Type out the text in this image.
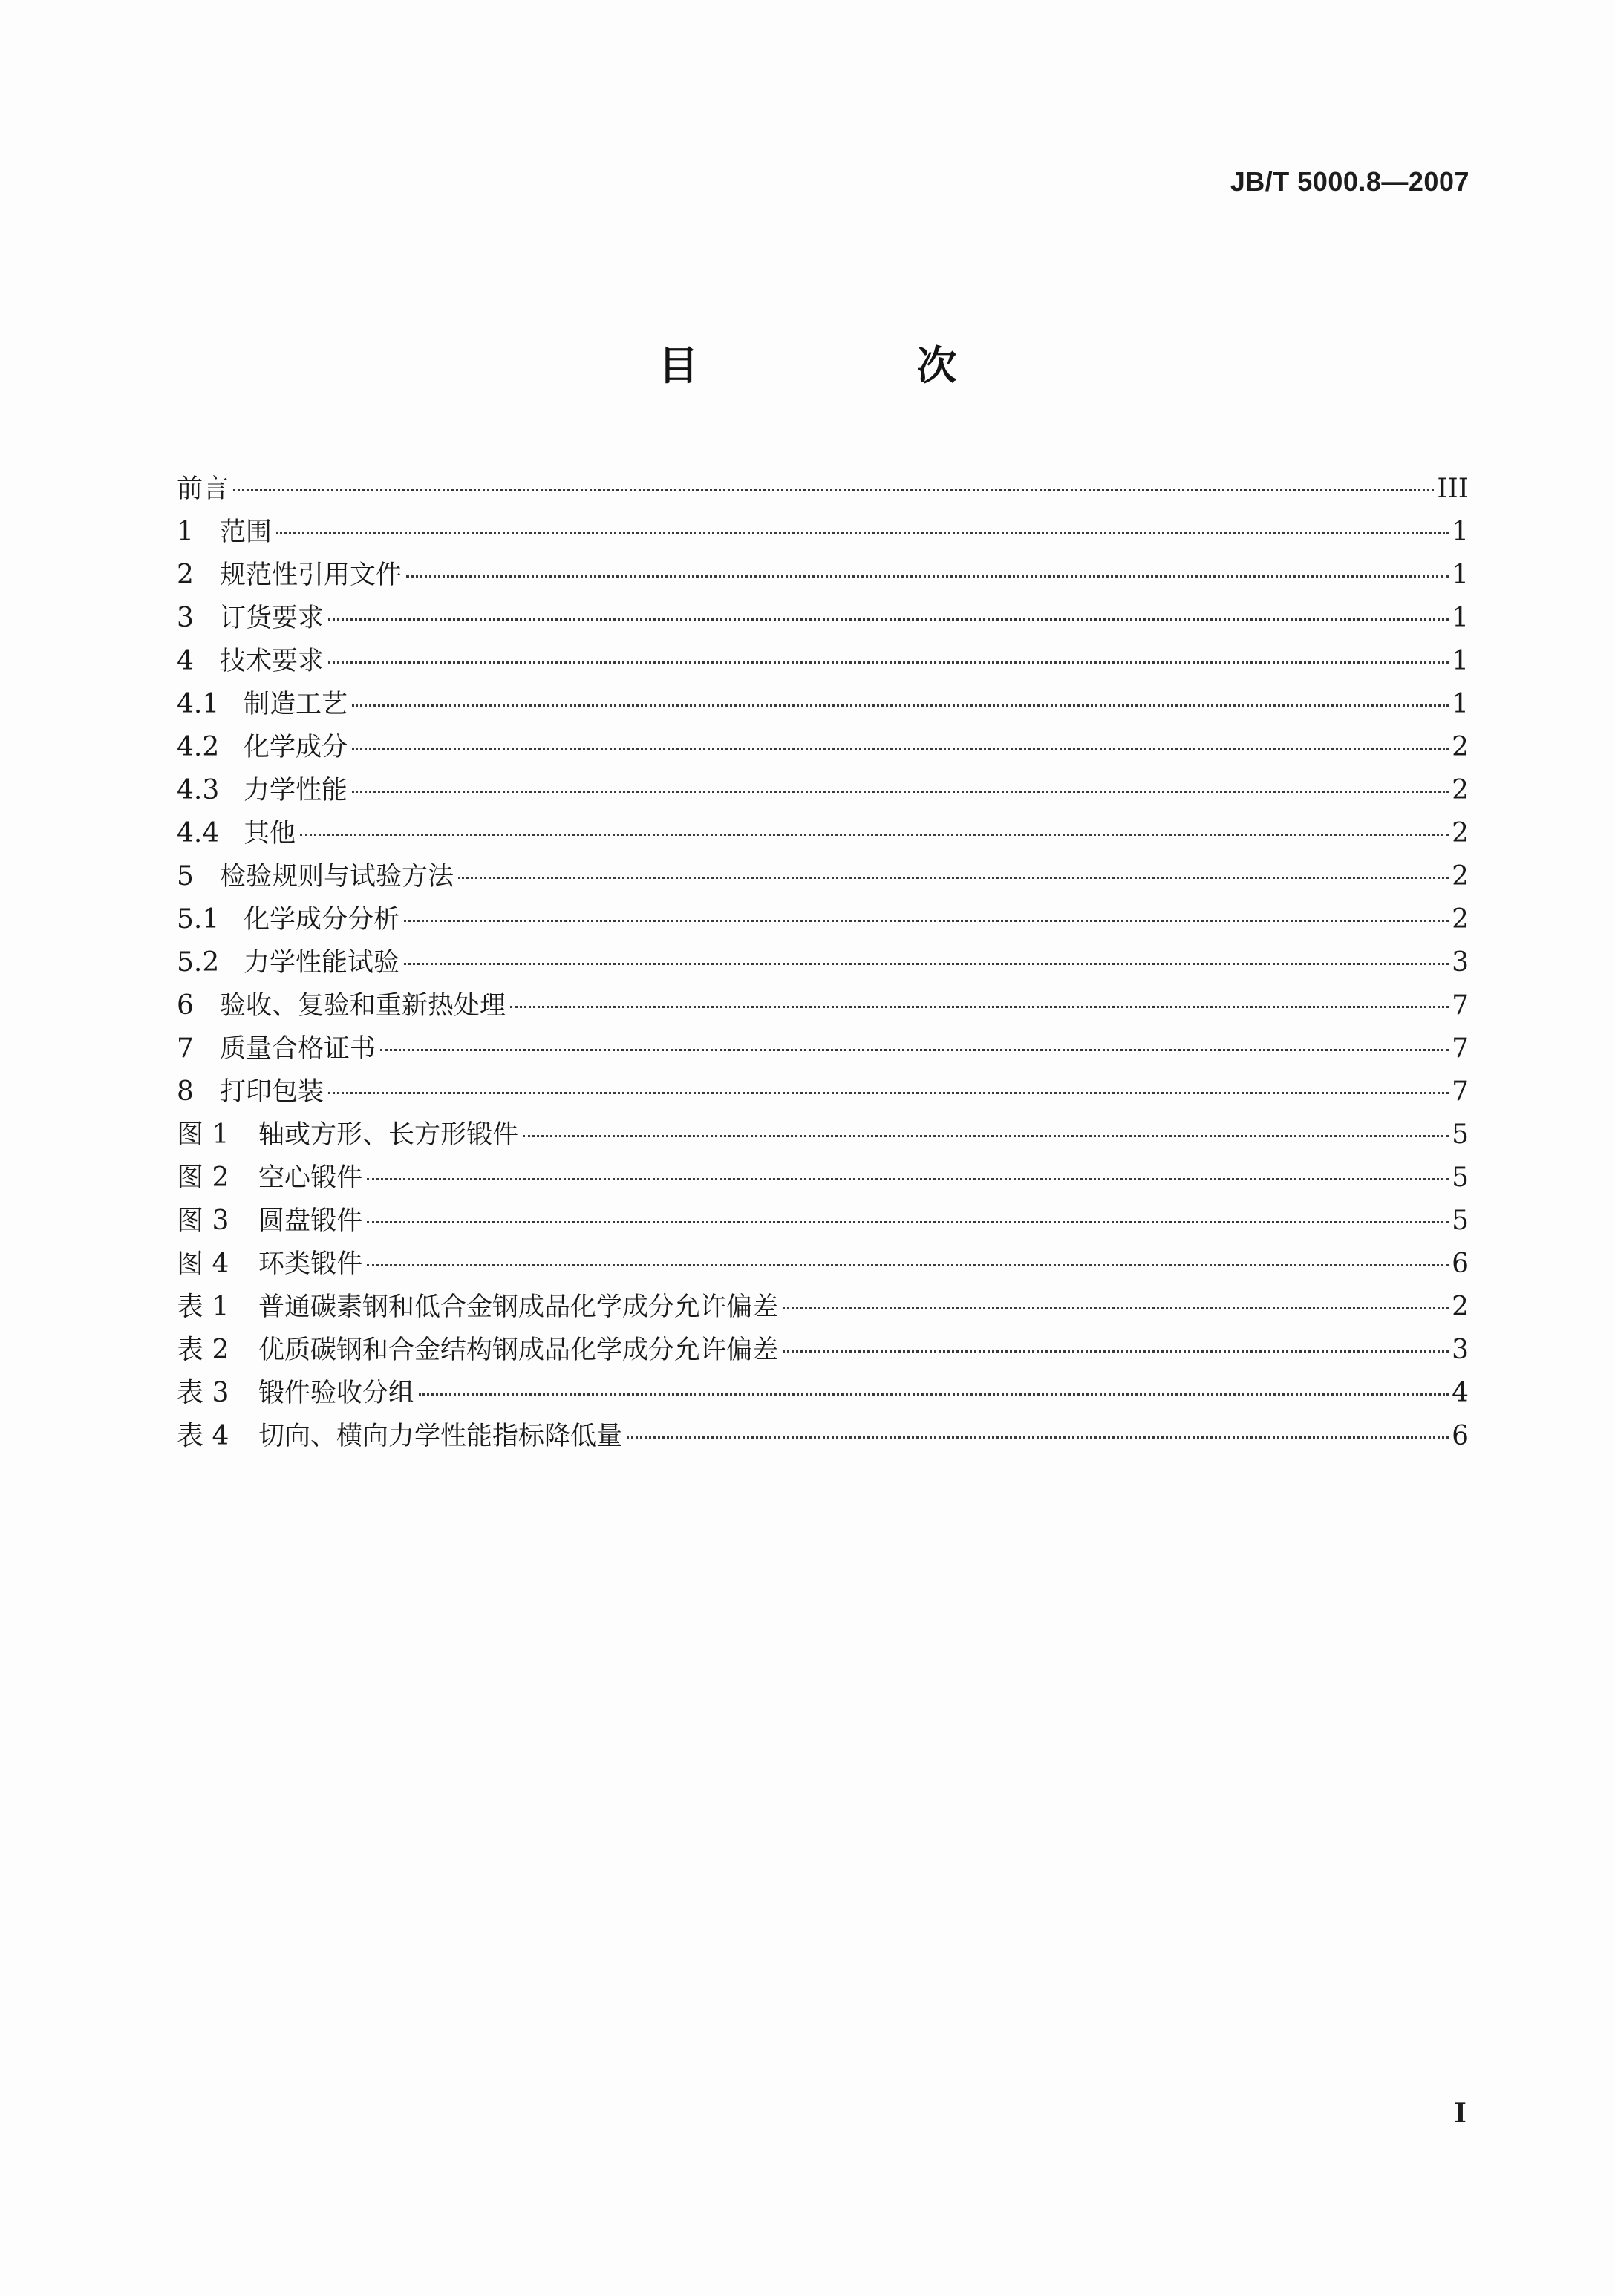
JB/T 5000.8—2007
目　次
前言	III
1	范围	1
2	规范性引用文件	1
3	订货要求	1
4	技术要求	1
4.1 制造工艺	1
4.2 化学成分	2
4.3 力学性能	2
4.4 其他	2
5	检验规则与试验方法	2
5.1 化学成分分析	2
5.2 力学性能试验	3
6	验收、复验和重新热处理	7
7	质量合格证书	7
8	打印包装	7
图 1	轴或方形、长方形锻件	5
图 2	空心锻件	5
图 3	圆盘锻件	5
图 4	环类锻件	6
表 1	普通碳素钢和低合金钢成品化学成分允许偏差	2
表 2	优质碳钢和合金结构钢成品化学成分允许偏差	3
表 3	锻件验收分组	4
表 4	切向、横向力学性能指标降低量	6
I
